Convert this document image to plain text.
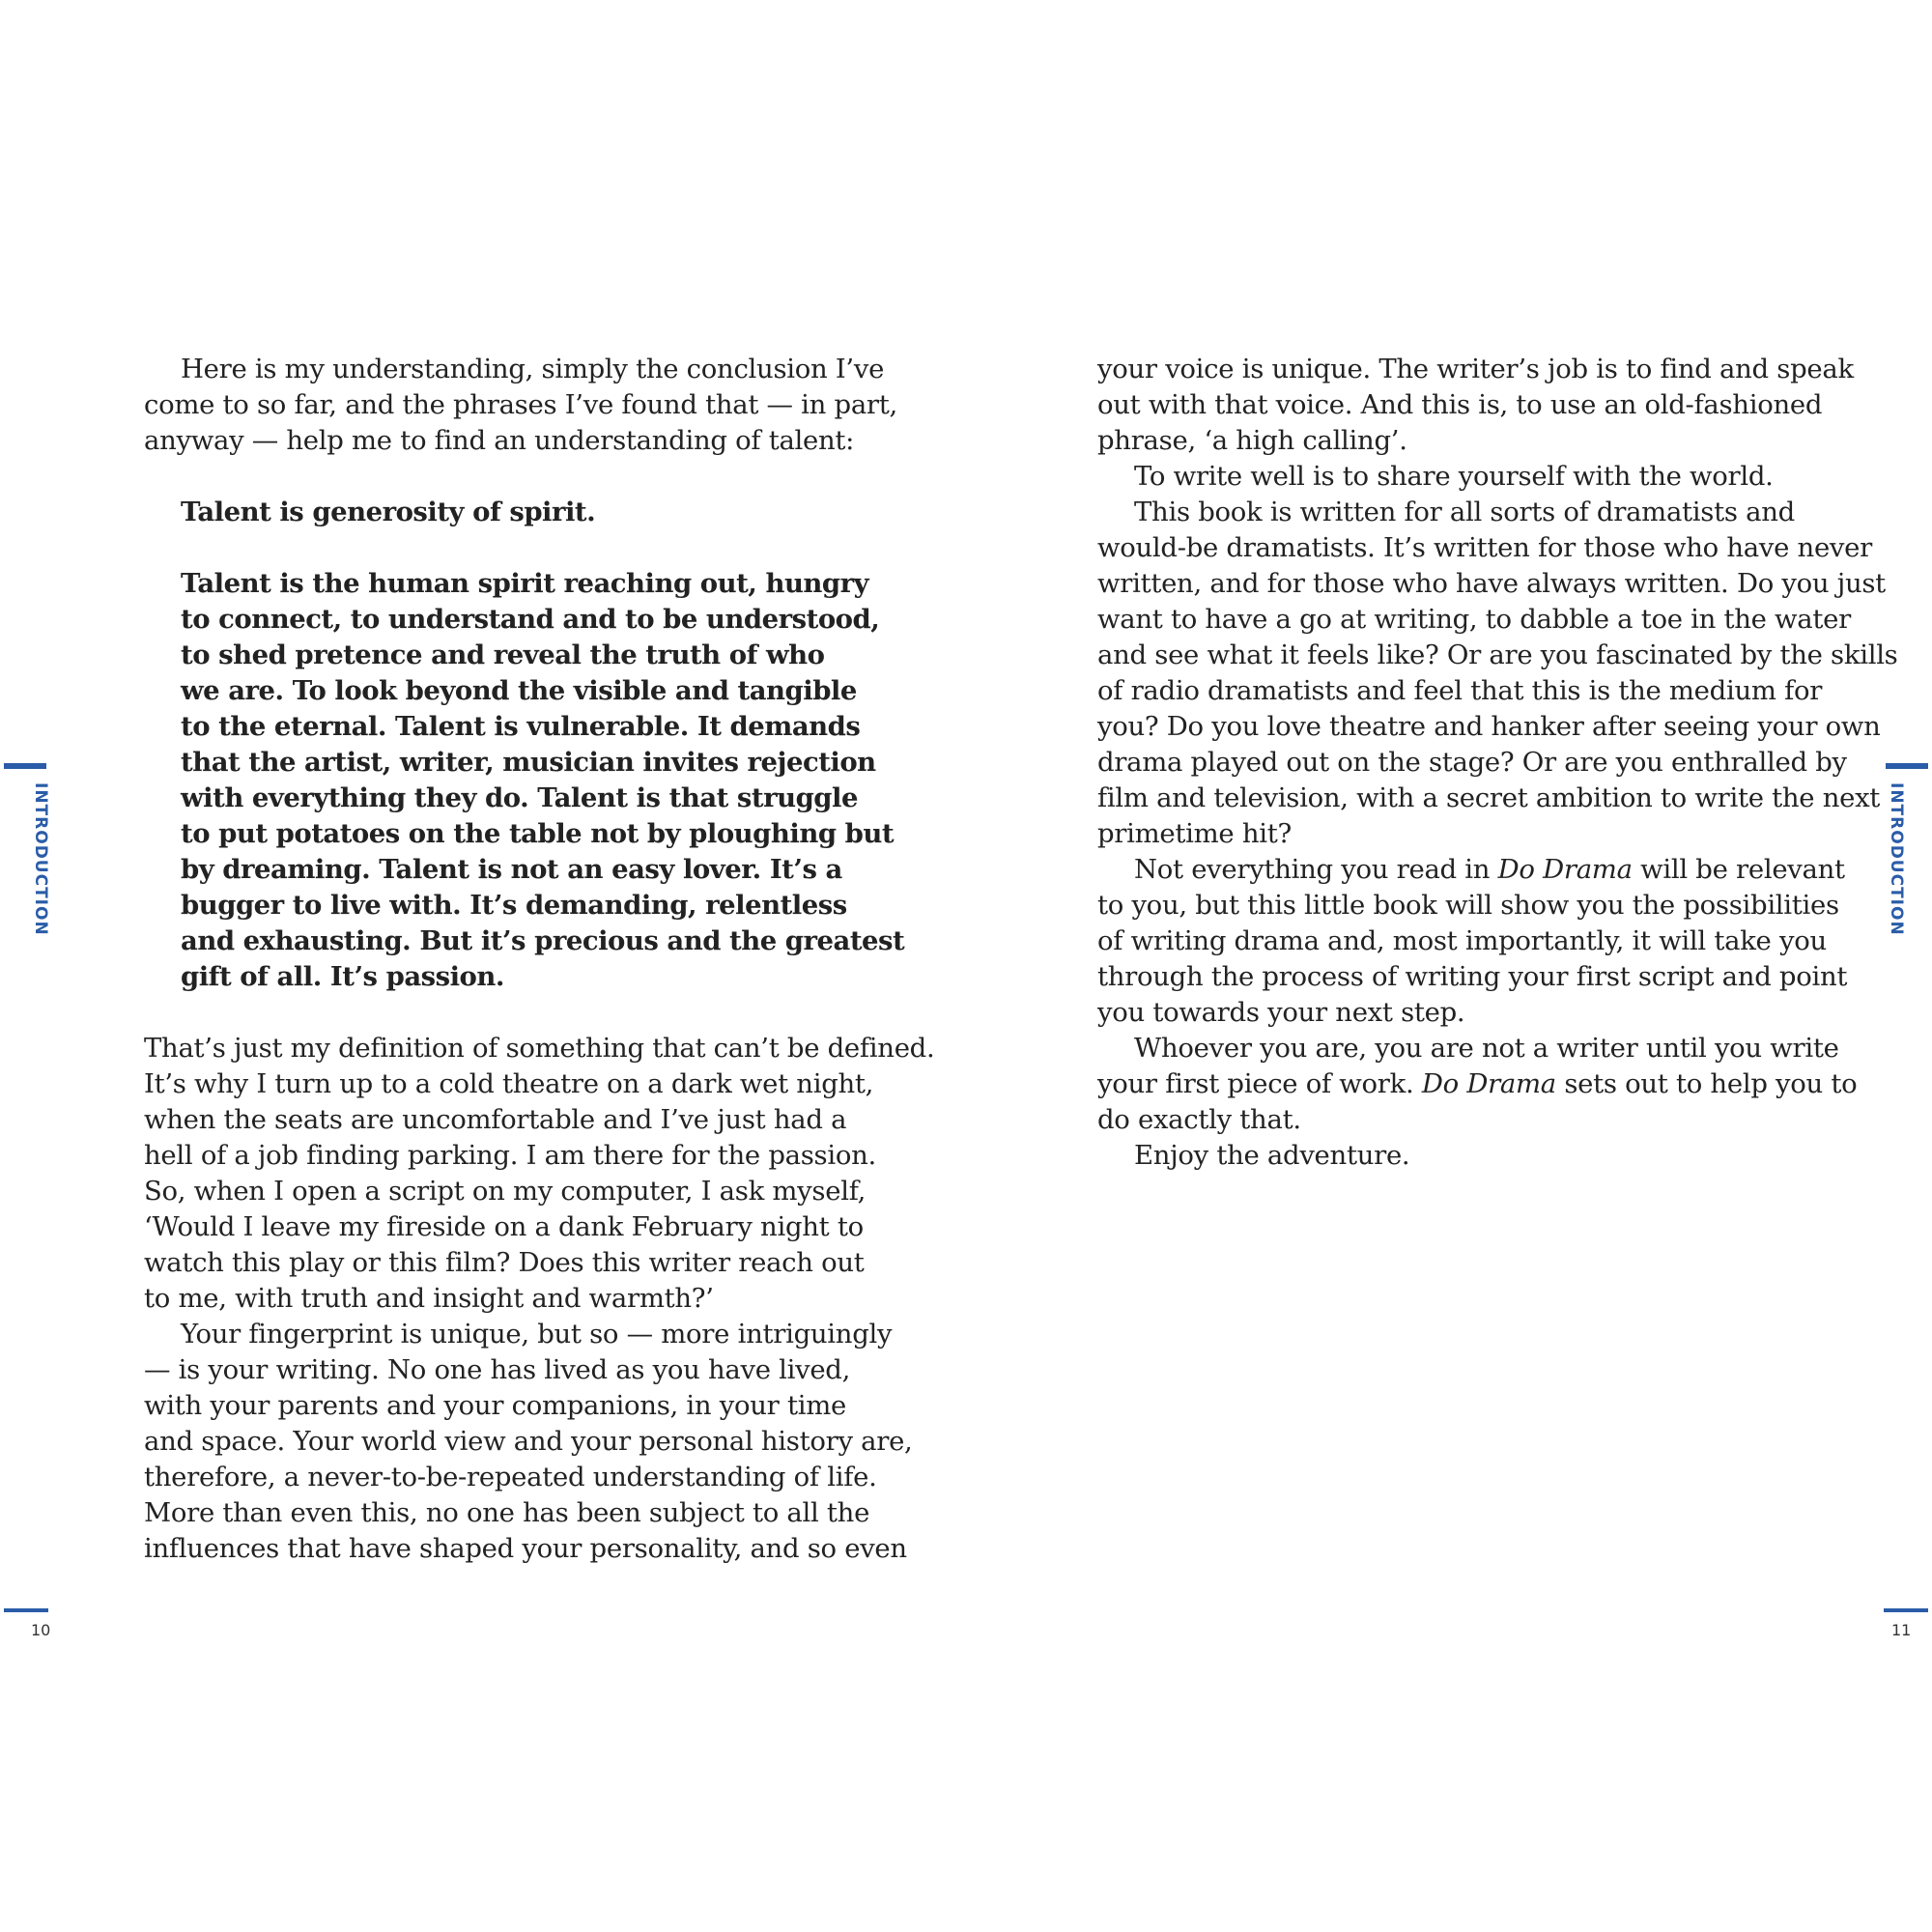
Here is my understanding, simply the conclusion I’ve
come to so far, and the phrases I’ve found that — in part,
anyway — help me to find an understanding of talent:
Talent is generosity of spirit.
Talent is the human spirit reaching out, hungry
to connect, to understand and to be understood,
to shed pretence and reveal the truth of who
we are. To look beyond the visible and tangible
to the eternal. Talent is vulnerable. It demands
that the artist, writer, musician invites rejection
with everything they do. Talent is that struggle
to put potatoes on the table not by ploughing but
by dreaming. Talent is not an easy lover. It’s a
bugger to live with. It’s demanding, relentless
and exhausting. But it’s precious and the greatest
gift of all. It’s passion.
That’s just my definition of something that can’t be defined.
It’s why I turn up to a cold theatre on a dark wet night,
when the seats are uncomfortable and I’ve just had a
hell of a job finding parking. I am there for the passion.
So, when I open a script on my computer, I ask myself,
‘Would I leave my fireside on a dank February night to
watch this play or this film? Does this writer reach out
to me, with truth and insight and warmth?’
Your fingerprint is unique, but so — more intriguingly
— is your writing. No one has lived as you have lived,
with your parents and your companions, in your time
and space. Your world view and your personal history are,
therefore, a never-to-be-repeated understanding of life.
More than even this, no one has been subject to all the
influences that have shaped your personality, and so even
your voice is unique. The writer’s job is to find and speak
out with that voice. And this is, to use an old-fashioned
phrase, ‘a high calling’.
To write well is to share yourself with the world.
This book is written for all sorts of dramatists and
would-be dramatists. It’s written for those who have never
written, and for those who have always written. Do you just
want to have a go at writing, to dabble a toe in the water
and see what it feels like? Or are you fascinated by the skills
of radio dramatists and feel that this is the medium for
you? Do you love theatre and hanker after seeing your own
drama played out on the stage? Or are you enthralled by
film and television, with a secret ambition to write the next
primetime hit?
Not everything you read in Do Drama will be relevant
to you, but this little book will show you the possibilities
of writing drama and, most importantly, it will take you
through the process of writing your first script and point
you towards your next step.
Whoever you are, you are not a writer until you write
your first piece of work. Do Drama sets out to help you to
do exactly that.
Enjoy the adventure.
INTRODUCTION	INTRODUCTION
10	11
